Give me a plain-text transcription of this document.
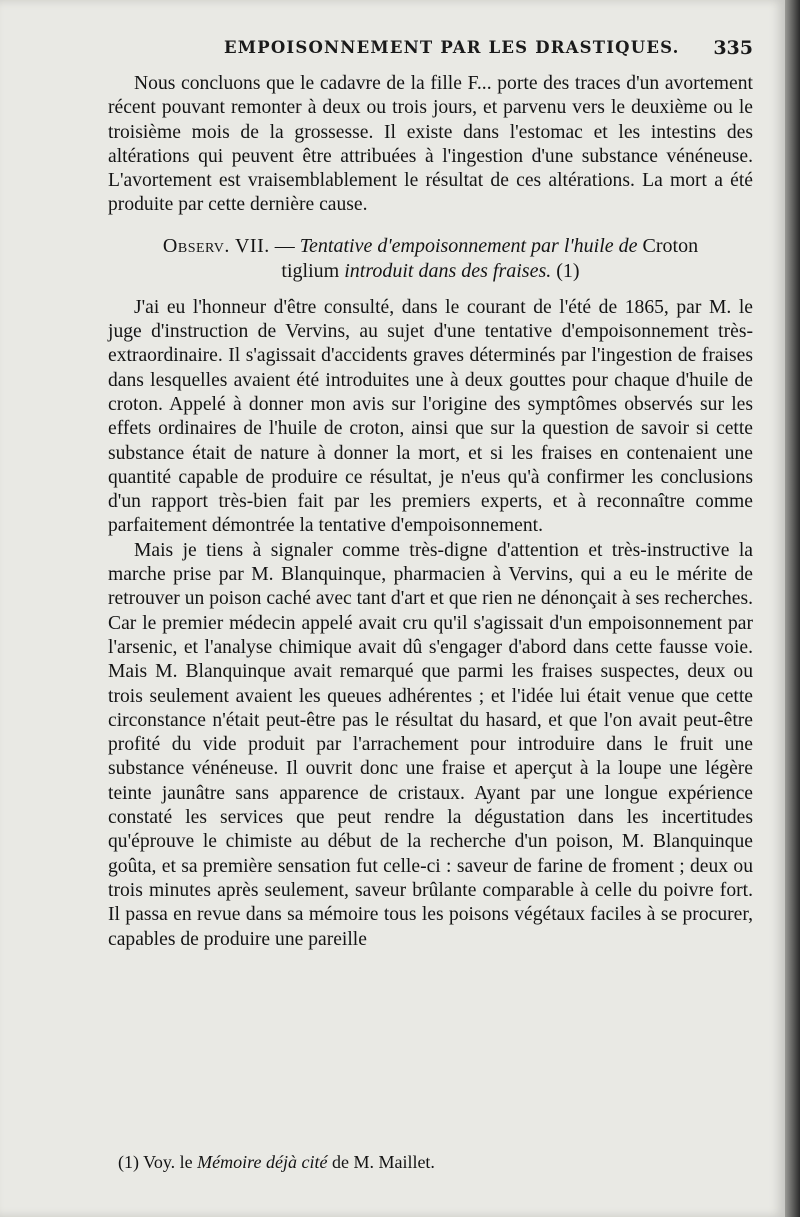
EMPOISONNEMENT PAR LES DRASTIQUES. 335

Nous concluons que le cadavre de la fille F... porte des traces d'un avortement récent pouvant remonter à deux ou trois jours, et parvenu vers le deuxième ou le troisième mois de la grossesse. Il existe dans l'estomac et les intestins des altérations qui peuvent être attribuées à l'ingestion d'une substance vénéneuse. L'avortement est vraisemblablement le résultat de ces altérations. La mort a été produite par cette dernière cause.

Observ. VII. — Tentative d'empoisonnement par l'huile de Croton
tiglium introduit dans des fraises. (1)

J'ai eu l'honneur d'être consulté, dans le courant de l'été de 1865, par M. le juge d'instruction de Vervins, au sujet d'une tentative d'empoisonnement très-extraordinaire. Il s'agissait d'accidents graves déterminés par l'ingestion de fraises dans lesquelles avaient été introduites une à deux gouttes pour chaque d'huile de croton. Appelé à donner mon avis sur l'origine des symptômes observés sur les effets ordinaires de l'huile de croton, ainsi que sur la question de savoir si cette substance était de nature à donner la mort, et si les fraises en contenaient une quantité capable de produire ce résultat, je n'eus qu'à confirmer les conclusions d'un rapport très-bien fait par les premiers experts, et à reconnaître comme parfaitement démontrée la tentative d'empoisonnement.

Mais je tiens à signaler comme très-digne d'attention et très-instructive la marche prise par M. Blanquinque, pharmacien à Vervins, qui a eu le mérite de retrouver un poison caché avec tant d'art et que rien ne dénonçait à ses recherches. Car le premier médecin appelé avait cru qu'il s'agissait d'un empoisonnement par l'arsenic, et l'analyse chimique avait dû s'engager d'abord dans cette fausse voie. Mais M. Blanquinque avait remarqué que parmi les fraises suspectes, deux ou trois seulement avaient les queues adhérentes ; et l'idée lui était venue que cette circonstance n'était peut-être pas le résultat du hasard, et que l'on avait peut-être profité du vide produit par l'arrachement pour introduire dans le fruit une substance vénéneuse. Il ouvrit donc une fraise et aperçut à la loupe une légère teinte jaunâtre sans apparence de cristaux. Ayant par une longue expérience constaté les services que peut rendre la dégustation dans les incertitudes qu'éprouve le chimiste au début de la recherche d'un poison, M. Blanquinque goûta, et sa première sensation fut celle-ci : saveur de farine de froment ; deux ou trois minutes après seulement, saveur brûlante comparable à celle du poivre fort. Il passa en revue dans sa mémoire tous les poisons végétaux faciles à se procurer, capables de produire une pareille

(1) Voy. le Mémoire déjà cité de M. Maillet.
